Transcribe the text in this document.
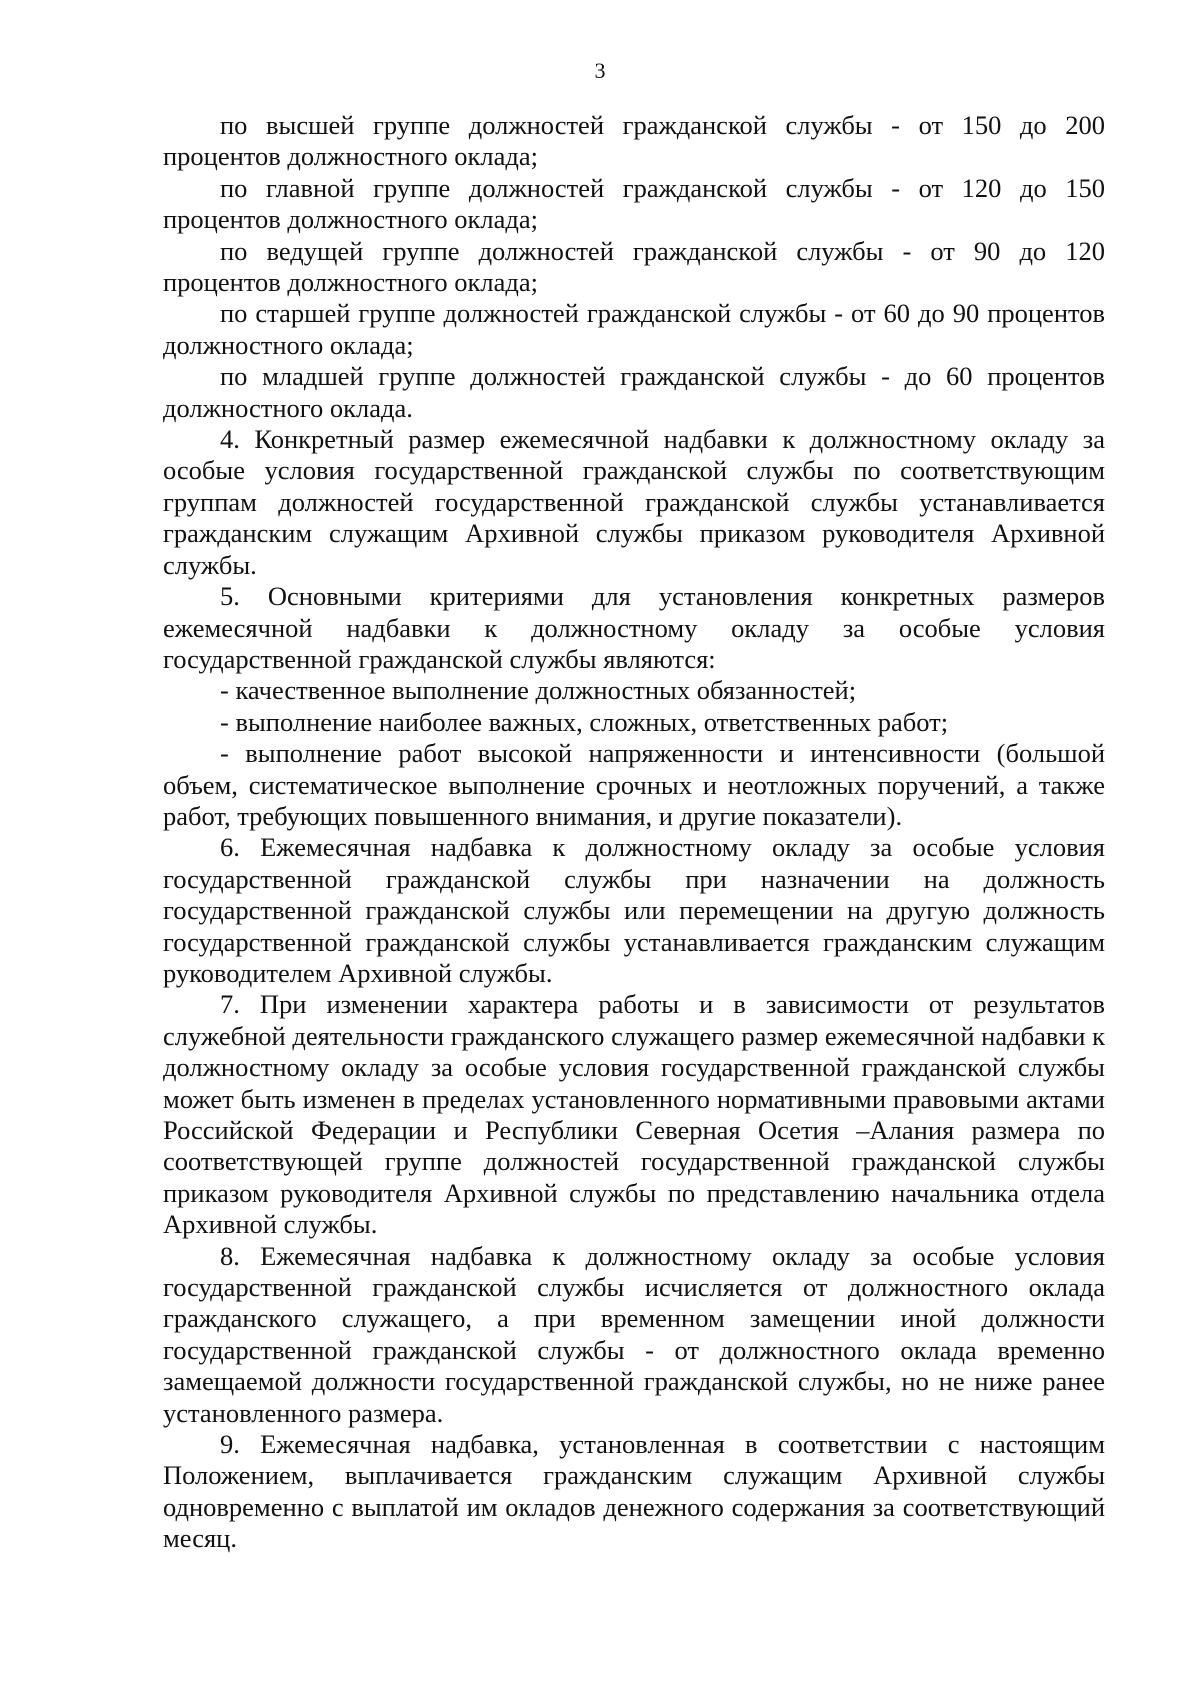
3

по высшей группе должностей гражданской службы - от 150 до 200 процентов должностного оклада;

по главной группе должностей гражданской службы - от 120 до 150 процентов должностного оклада;

по ведущей группе должностей гражданской службы - от 90 до 120 процентов должностного оклада;

по старшей группе должностей гражданской службы - от 60 до 90 процентов должностного оклада;

по младшей группе должностей гражданской службы - до 60 процентов должностного оклада.

4. Конкретный размер ежемесячной надбавки к должностному окладу за особые условия государственной гражданской службы по соответствующим группам должностей государственной гражданской службы устанавливается гражданским служащим Архивной службы приказом руководителя Архивной службы.

5. Основными критериями для установления конкретных размеров ежемесячной надбавки к должностному окладу за особые условия государственной гражданской службы являются:

- качественное выполнение должностных обязанностей;

- выполнение наиболее важных, сложных, ответственных работ;

- выполнение работ высокой напряженности и интенсивности (большой объем, систематическое выполнение срочных и неотложных поручений, а также работ, требующих повышенного внимания, и другие показатели).

6. Ежемесячная надбавка к должностному окладу за особые условия государственной гражданской службы при назначении на должность государственной гражданской службы или перемещении на другую должность государственной гражданской службы устанавливается гражданским служащим руководителем Архивной службы.

7. При изменении характера работы и в зависимости от результатов служебной деятельности гражданского служащего размер ежемесячной надбавки к должностному окладу за особые условия государственной гражданской службы может быть изменен в пределах установленного нормативными правовыми актами Российской Федерации и Республики Северная Осетия –Алания размера по соответствующей группе должностей государственной гражданской службы приказом руководителя Архивной службы по представлению начальника отдела Архивной службы.

8. Ежемесячная надбавка к должностному окладу за особые условия государственной гражданской службы исчисляется от должностного оклада гражданского служащего, а при временном замещении иной должности государственной гражданской службы - от должностного оклада временно замещаемой должности государственной гражданской службы, но не ниже ранее установленного размера.

9. Ежемесячная надбавка, установленная в соответствии с настоящим Положением, выплачивается гражданским служащим Архивной службы одновременно с выплатой им окладов денежного содержания за соответствующий месяц.
